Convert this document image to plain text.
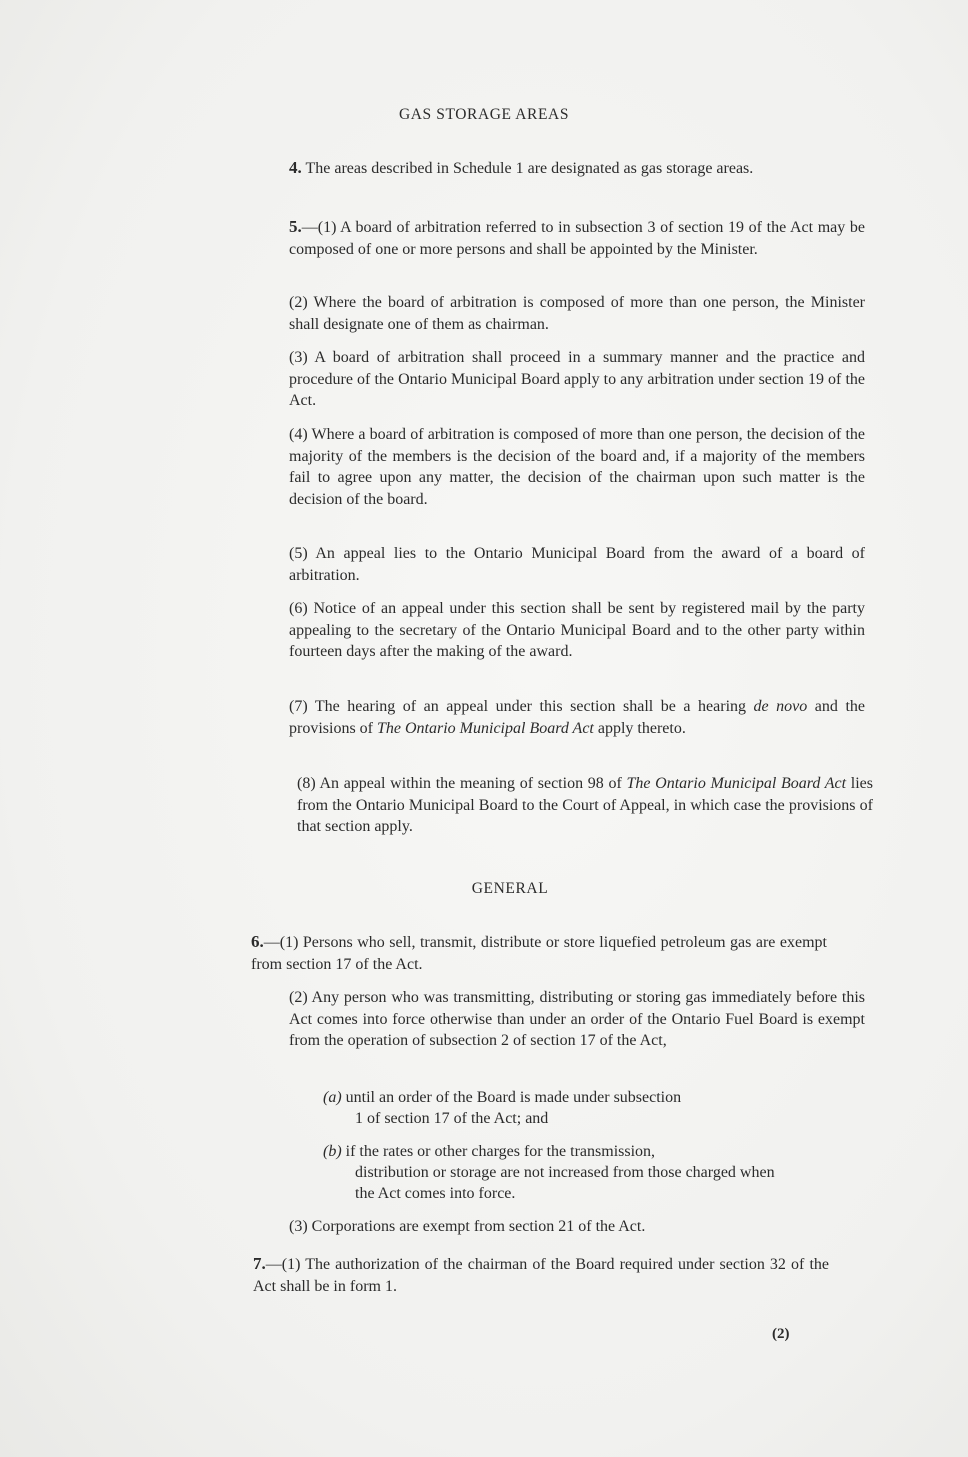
GAS STORAGE AREAS
4. The areas described in Schedule 1 are designated as gas storage areas.
5.—(1) A board of arbitration referred to in subsection 3 of section 19 of the Act may be composed of one or more persons and shall be appointed by the Minister.
(2) Where the board of arbitration is composed of more than one person, the Minister shall designate one of them as chairman.
(3) A board of arbitration shall proceed in a summary manner and the practice and procedure of the Ontario Municipal Board apply to any arbitration under section 19 of the Act.
(4) Where a board of arbitration is composed of more than one person, the decision of the majority of the members is the decision of the board and, if a majority of the members fail to agree upon any matter, the decision of the chairman upon such matter is the decision of the board.
(5) An appeal lies to the Ontario Municipal Board from the award of a board of arbitration.
(6) Notice of an appeal under this section shall be sent by registered mail by the party appealing to the secretary of the Ontario Municipal Board and to the other party within fourteen days after the making of the award.
(7) The hearing of an appeal under this section shall be a hearing de novo and the provisions of The Ontario Municipal Board Act apply thereto.
(8) An appeal within the meaning of section 98 of The Ontario Municipal Board Act lies from the Ontario Municipal Board to the Court of Appeal, in which case the provisions of that section apply.
GENERAL
6.—(1) Persons who sell, transmit, distribute or store liquefied petroleum gas are exempt from section 17 of the Act.
(2) Any person who was transmitting, distributing or storing gas immediately before this Act comes into force otherwise than under an order of the Ontario Fuel Board is exempt from the operation of subsection 2 of section 17 of the Act,
(a) until an order of the Board is made under subsection
1 of section 17 of the Act; and
(b) if the rates or other charges for the transmission,
distribution or storage are not increased from those charged when the Act comes into force.
(3) Corporations are exempt from section 21 of the Act.
7.—(1) The authorization of the chairman of the Board required under section 32 of the Act shall be in form 1.
(2)
